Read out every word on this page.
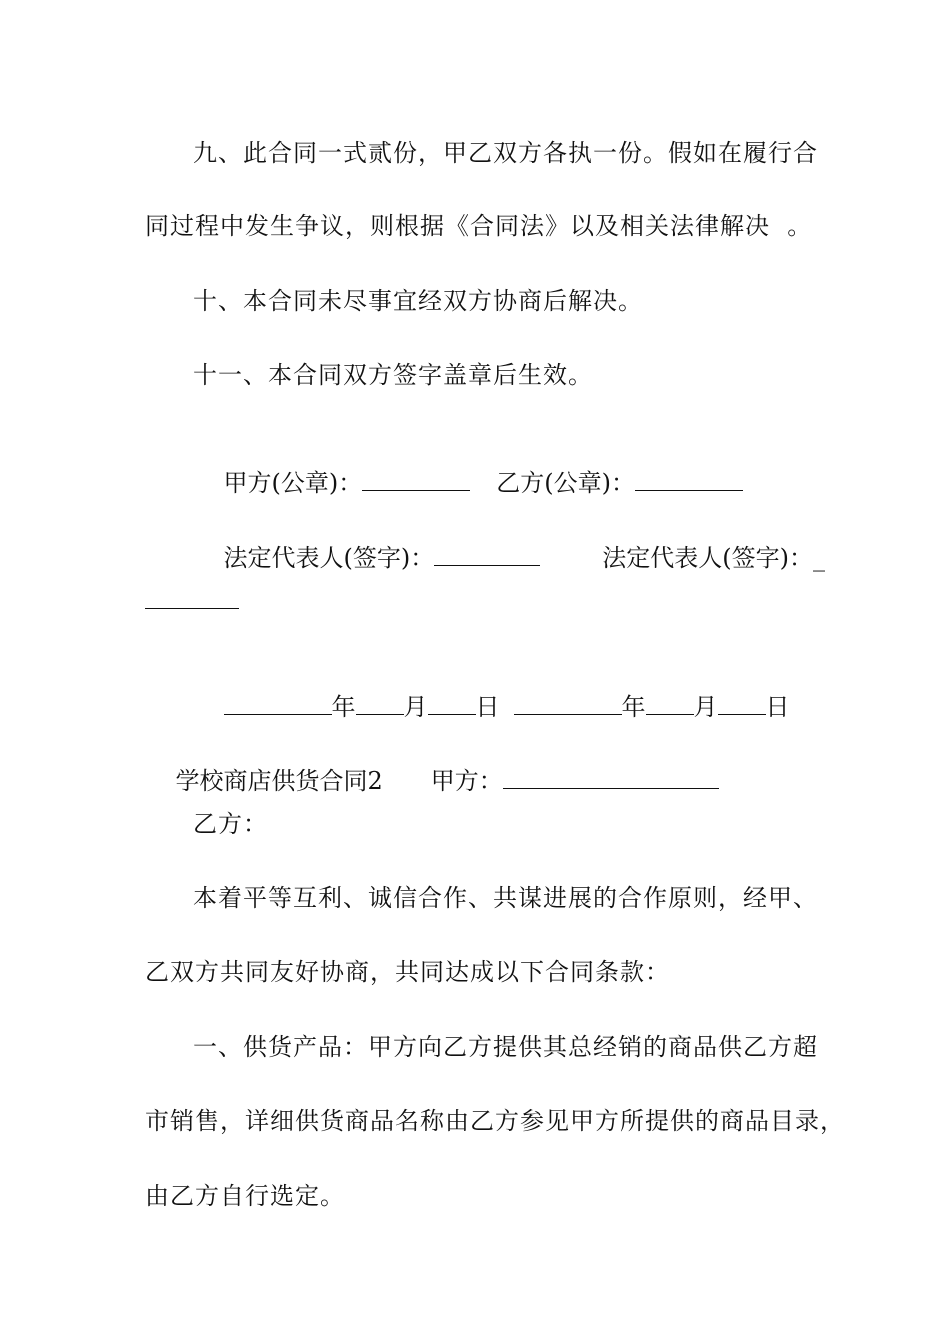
九、此合同一式贰份，甲乙双方各执一份。假如在履行合
同过程中发生争议，则根据《合同法》以及相关法律解决  。
十、本合同未尽事宜经双方协商后解决。
十一、本合同双方签字盖章后生效。

甲方(公章)：	乙方(公章)：

法定代表人(签字)：	法定代表人(签字)：_

年 月 日	年 月 日

学校商店供货合同2 甲方：

乙方：
本着平等互利、诚信合作、共谋进展的合作原则，经甲、
乙双方共同友好协商，共同达成以下合同条款：
一、供货产品：甲方向乙方提供其总经销的商品供乙方超
市销售，详细供货商品名称由乙方参见甲方所提供的商品目录，
由乙方自行选定。
